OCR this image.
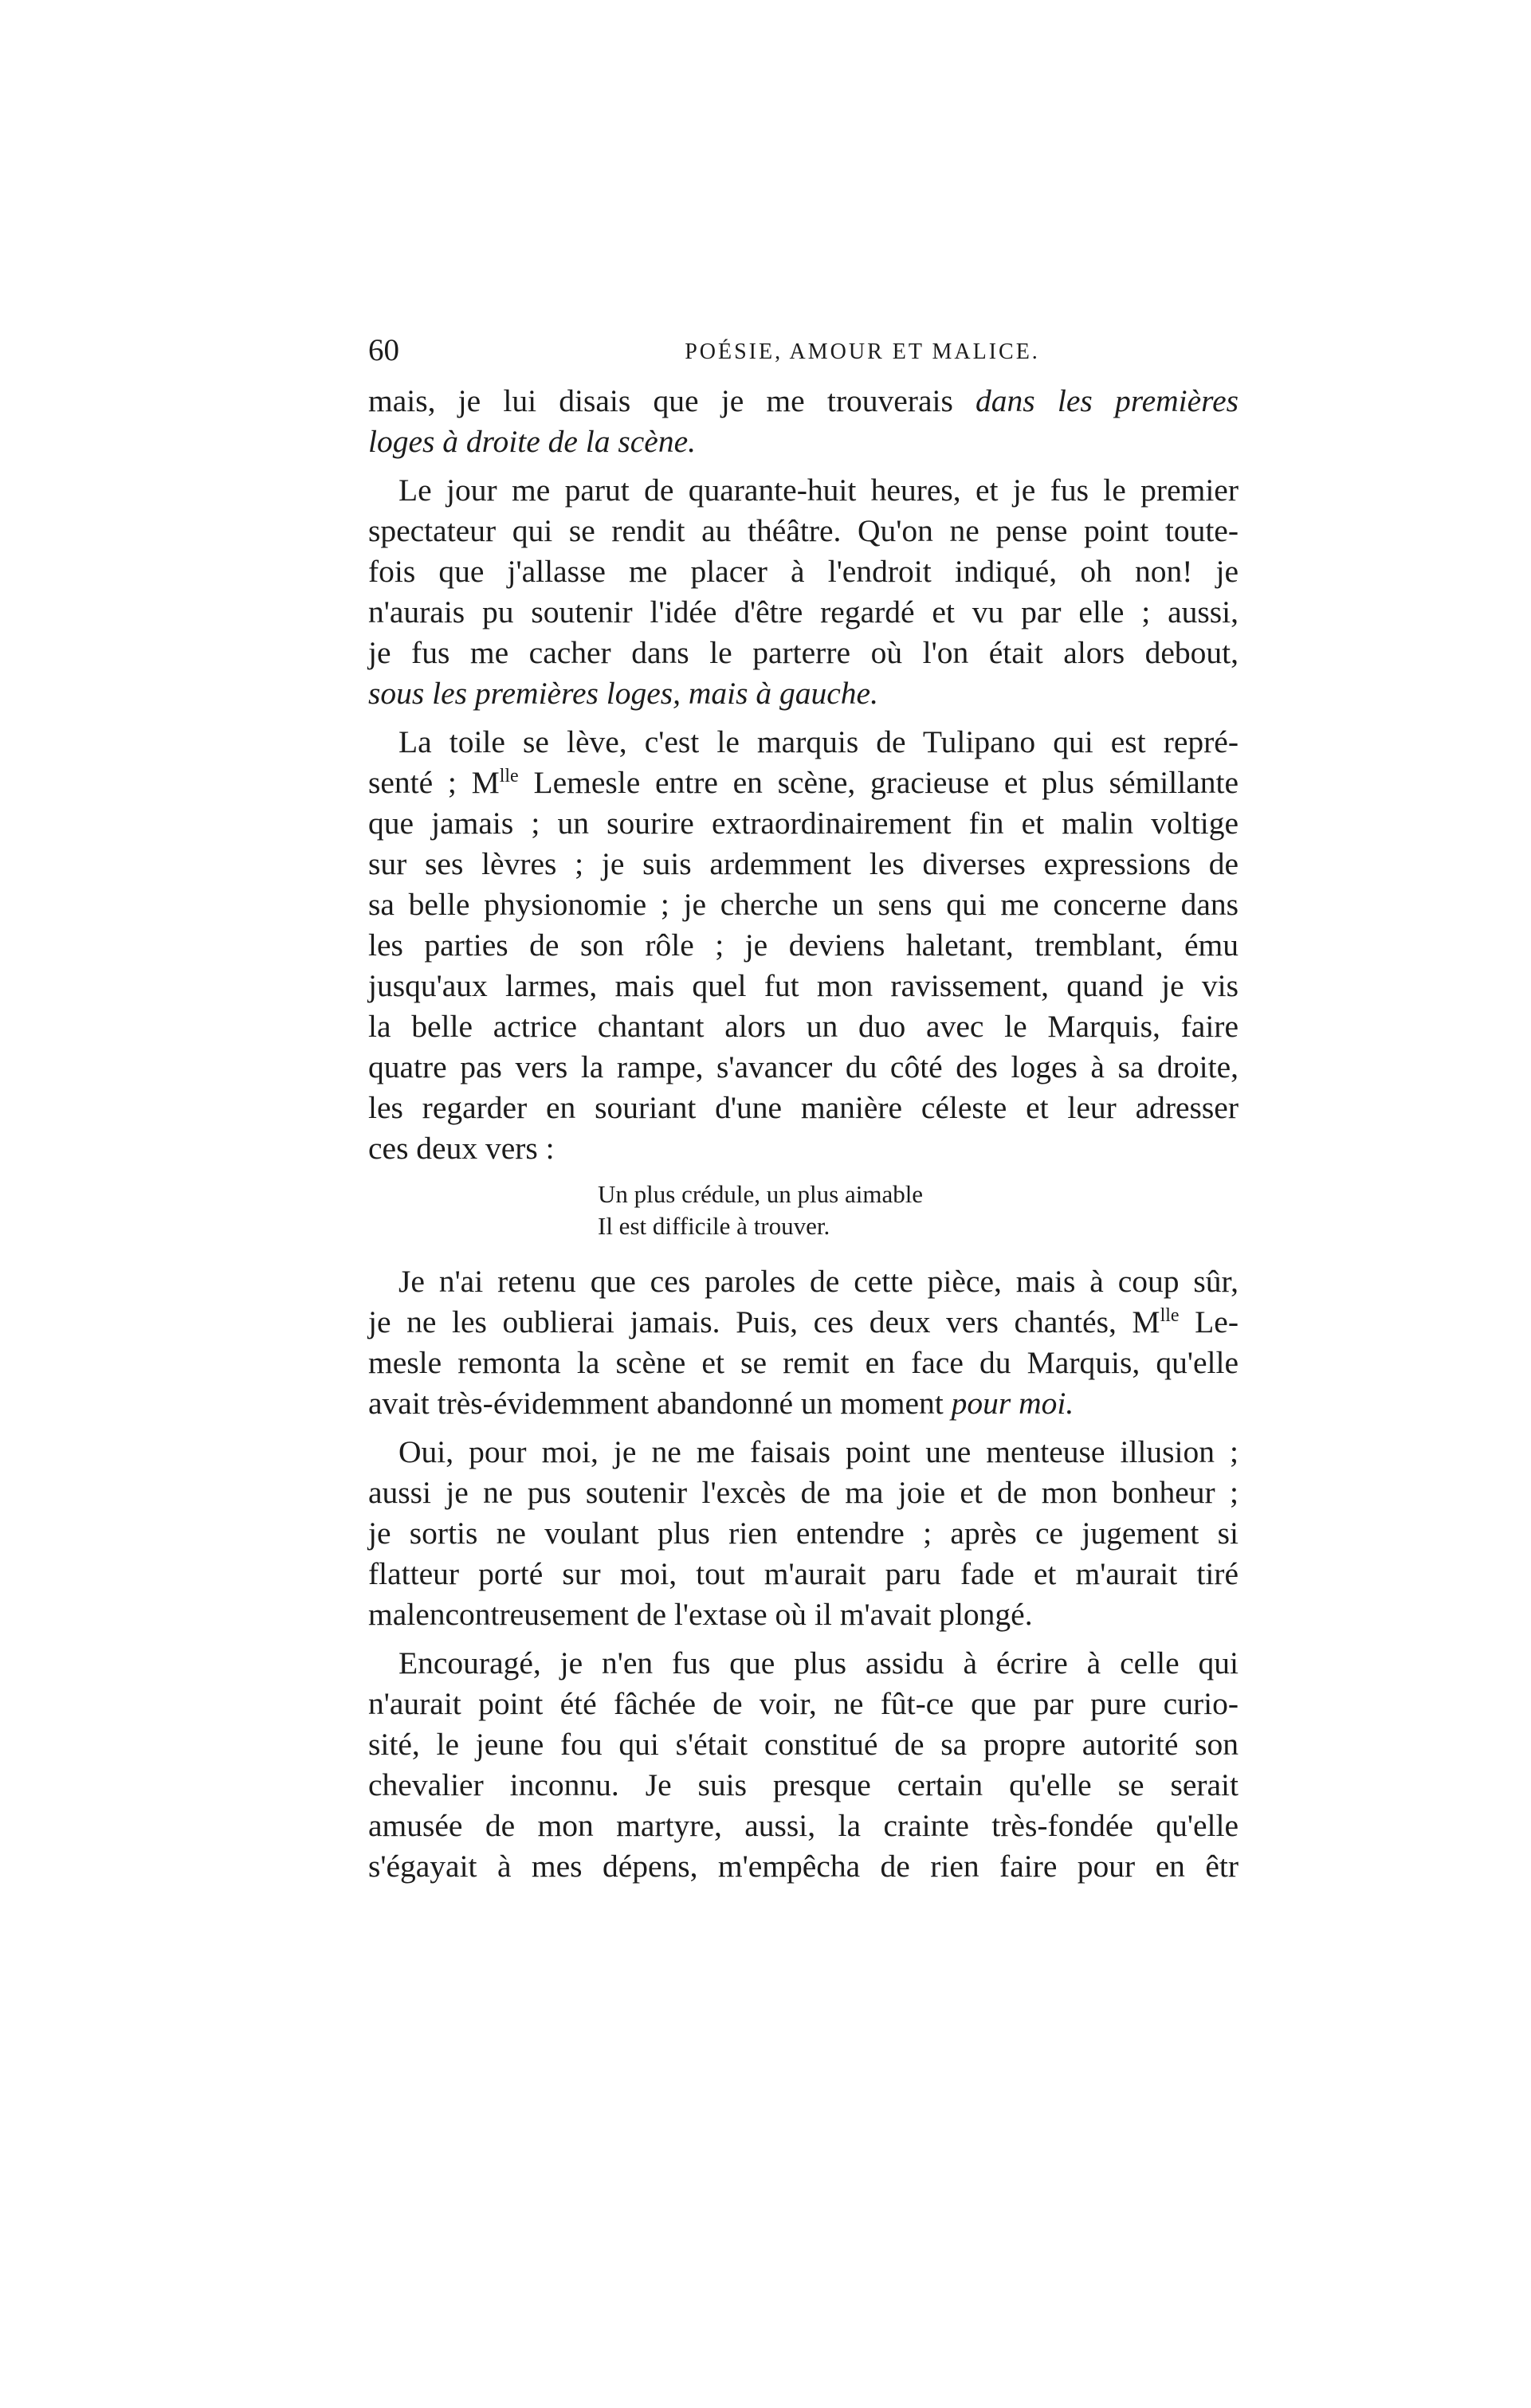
60	POÉSIE, AMOUR ET MALICE.
mais, je lui disais que je me trouverais dans les premières
loges à droite de la scène.
Le jour me parut de quarante-huit heures, et je fus le premier
spectateur qui se rendit au théâtre. Qu'on ne pense point toute-
fois que j'allasse me placer à l'endroit indiqué, oh non! je
n'aurais pu soutenir l'idée d'être regardé et vu par elle ; aussi,
je fus me cacher dans le parterre où l'on était alors debout,
sous les premières loges, mais à gauche.
La toile se lève, c'est le marquis de Tulipano qui est repré-
senté ; $M^{lle}$ Lemesle entre en scène, gracieuse et plus sémillante
que jamais ; un sourire extraordinairement fin et malin voltige
sur ses lèvres ; je suis ardemment les diverses expressions de
sa belle physionomie ; je cherche un sens qui me concerne dans
les parties de son rôle ; je deviens haletant, tremblant, ému
jusqu'aux larmes, mais quel fut mon ravissement, quand je vis
la belle actrice chantant alors un duo avec le Marquis, faire
quatre pas vers la rampe, s'avancer du côté des loges à sa droite,
les regarder en souriant d'une manière céleste et leur adresser
ces deux vers :
Un plus crédule, un plus aimable
Il est difficile à trouver.
Je n'ai retenu que ces paroles de cette pièce, mais à coup sûr,
je ne les oublierai jamais. Puis, ces deux vers chantés, $M^{lle}$ Le-
mesle remonta la scène et se remit en face du Marquis, qu'elle
avait très-évidemment abandonné un moment pour moi.
Oui, pour moi, je ne me faisais point une menteuse illusion ;
aussi je ne pus soutenir l'excès de ma joie et de mon bonheur ;
je sortis ne voulant plus rien entendre ; après ce jugement si
flatteur porté sur moi, tout m'aurait paru fade et m'aurait tiré
malencontreusement de l'extase où il m'avait plongé.
Encouragé, je n'en fus que plus assidu à écrire à celle qui
n'aurait point été fâchée de voir, ne fût-ce que par pure curio-
sité, le jeune fou qui s'était constitué de sa propre autorité son
chevalier inconnu. Je suis presque certain qu'elle se serait
amusée de mon martyre, aussi, la crainte très-fondée qu'elle
s'égayait à mes dépens, m'empêcha de rien faire pour en êtr
